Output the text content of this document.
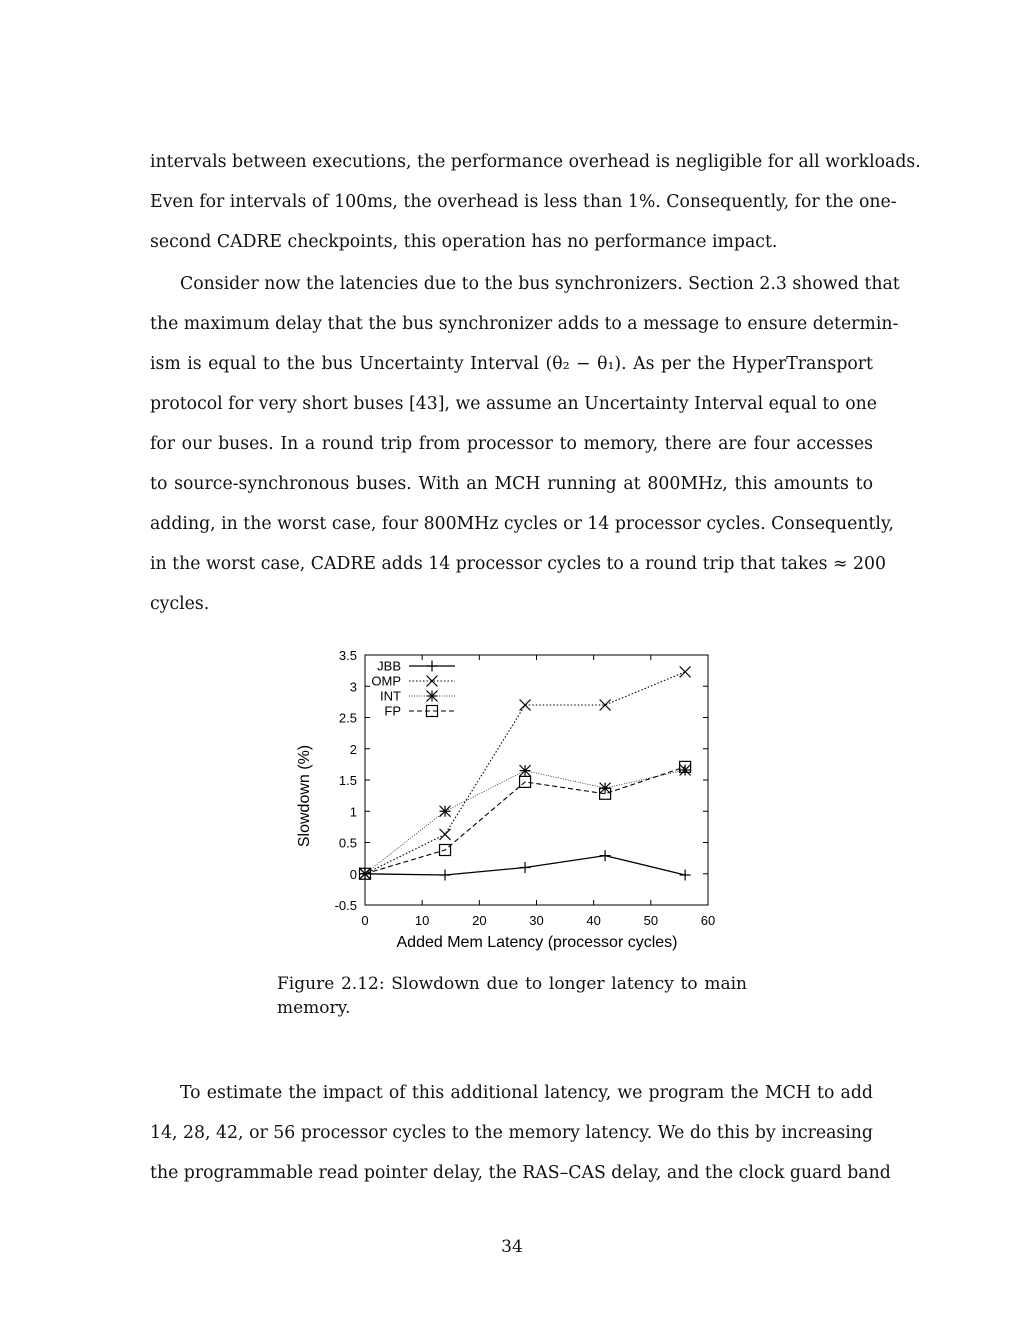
intervals between executions, the performance overhead is negligible for all workloads.
Even for intervals of 100ms, the overhead is less than 1%. Consequently, for the one-
second CADRE checkpoints, this operation has no performance impact.
Consider now the latencies due to the bus synchronizers. Section 2.3 showed that
the maximum delay that the bus synchronizer adds to a message to ensure determin-
ism is equal to the bus Uncertainty Interval (θ₂ − θ₁). As per the HyperTransport
protocol for very short buses [43], we assume an Uncertainty Interval equal to one
for our buses. In a round trip from processor to memory, there are four accesses
to source-synchronous buses. With an MCH running at 800MHz, this amounts to
adding, in the worst case, four 800MHz cycles or 14 processor cycles. Consequently,
in the worst case, CADRE adds 14 processor cycles to a round trip that takes ≈ 200
cycles.
0	10	20	30	40	50	60
-0.5
0
0.5
1
1.5
2
2.5
3
3.5
JBB
OMP
INT
FP
Added Mem Latency (processor cycles)
Slowdown (%)
Figure 2.12: Slowdown due to longer latency to main
memory.
To estimate the impact of this additional latency, we program the MCH to add
14, 28, 42, or 56 processor cycles to the memory latency. We do this by increasing
the programmable read pointer delay, the RAS–CAS delay, and the clock guard band
34
